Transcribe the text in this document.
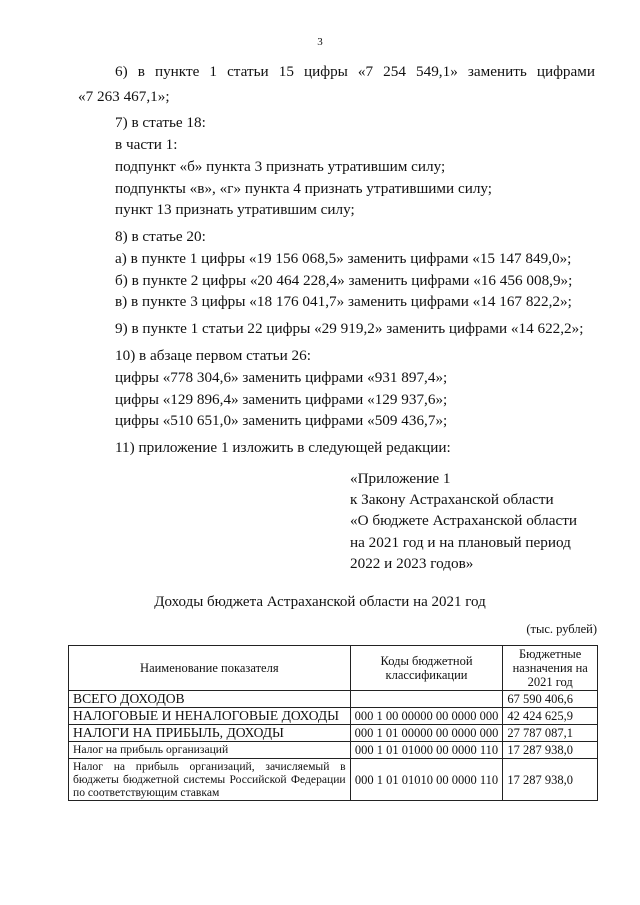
3
6) в пункте 1 статьи 15 цифры «7 254 549,1» заменить цифрами
«7 263 467,1»;
7) в статье 18:
в части 1:
подпункт «б» пункта 3 признать утратившим силу;
подпункты «в», «г» пункта 4 признать утратившими силу;
пункт 13 признать утратившим силу;
8) в статье 20:
а) в пункте 1 цифры «19 156 068,5» заменить цифрами «15 147 849,0»;
б) в пункте 2 цифры «20 464 228,4» заменить цифрами «16 456 008,9»;
в) в пункте 3 цифры «18 176 041,7» заменить цифрами «14 167 822,2»;
9) в пункте 1 статьи 22 цифры «29 919,2» заменить цифрами «14 622,2»;
10) в абзаце первом статьи 26:
цифры «778 304,6» заменить цифрами «931 897,4»;
цифры «129 896,4» заменить цифрами «129 937,6»;
цифры «510 651,0» заменить цифрами «509 436,7»;
11) приложение 1 изложить в следующей редакции:
«Приложение 1
к Закону Астраханской области
«О бюджете Астраханской области
на 2021 год и на плановый период
2022 и 2023 годов»
Доходы бюджета Астраханской области на 2021 год
(тыс. рублей)
Наименование показателя	Коды бюджетной классификации	Бюджетные назначения на 2021 год
ВСЕГО ДОХОДОВ		67 590 406,6
НАЛОГОВЫЕ И НЕНАЛОГОВЫЕ ДОХОДЫ	000 1 00 00000 00 0000 000	42 424 625,9
НАЛОГИ НА ПРИБЫЛЬ, ДОХОДЫ	000 1 01 00000 00 0000 000	27 787 087,1
Налог на прибыль организаций	000 1 01 01000 00 0000 110	17 287 938,0
Налог на прибыль организаций, зачисляемый в бюджеты бюджетной системы Российской Федерации по соответствующим ставкам	000 1 01 01010 00 0000 110	17 287 938,0
